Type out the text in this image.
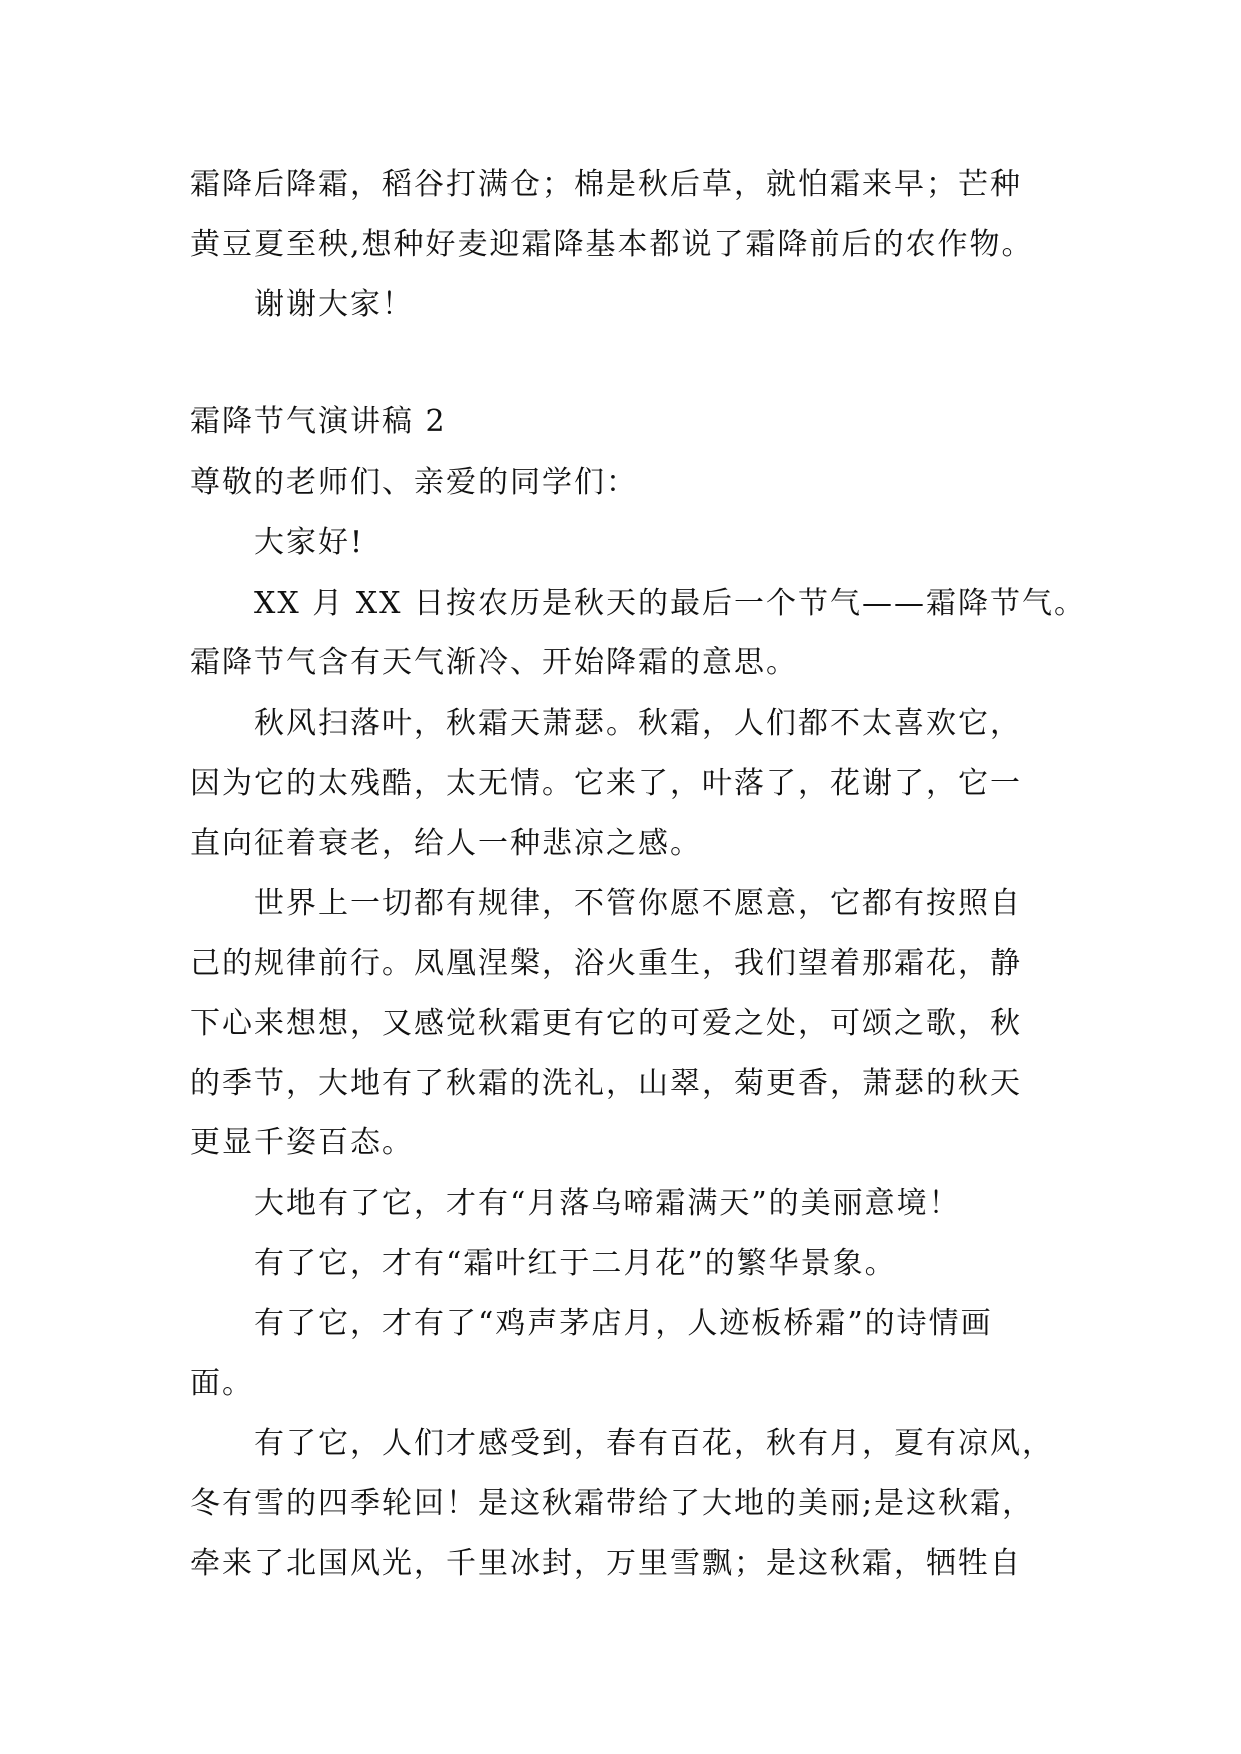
霜降后降霜，稻谷打满仓；棉是秋后草，就怕霜来早；芒种
黄豆夏至秧,想种好麦迎霜降基本都说了霜降前后的农作物。
谢谢大家！
霜降节气演讲稿 2
尊敬的老师们、亲爱的同学们：
大家好!
XX 月 XX 日按农历是秋天的最后一个节气——霜降节气。
霜降节气含有天气渐冷、开始降霜的意思。
秋风扫落叶，秋霜天萧瑟。秋霜，人们都不太喜欢它，
因为它的太残酷，太无情。它来了，叶落了，花谢了，它一
直向征着衰老，给人一种悲凉之感。
世界上一切都有规律，不管你愿不愿意，它都有按照自
己的规律前行。凤凰涅槃，浴火重生，我们望着那霜花，静
下心来想想，又感觉秋霜更有它的可爱之处，可颂之歌，秋
的季节，大地有了秋霜的洗礼，山翠，菊更香，萧瑟的秋天
更显千姿百态。
大地有了它，才有“月落乌啼霜满天”的美丽意境！
有了它，才有“霜叶红于二月花”的繁华景象。
有了它，才有了“鸡声茅店月，人迹板桥霜”的诗情画
面。
有了它，人们才感受到，春有百花，秋有月，夏有凉风，
冬有雪的四季轮回！是这秋霜带给了大地的美丽;是这秋霜，
牵来了北国风光，千里冰封，万里雪飘；是这秋霜，牺牲自
